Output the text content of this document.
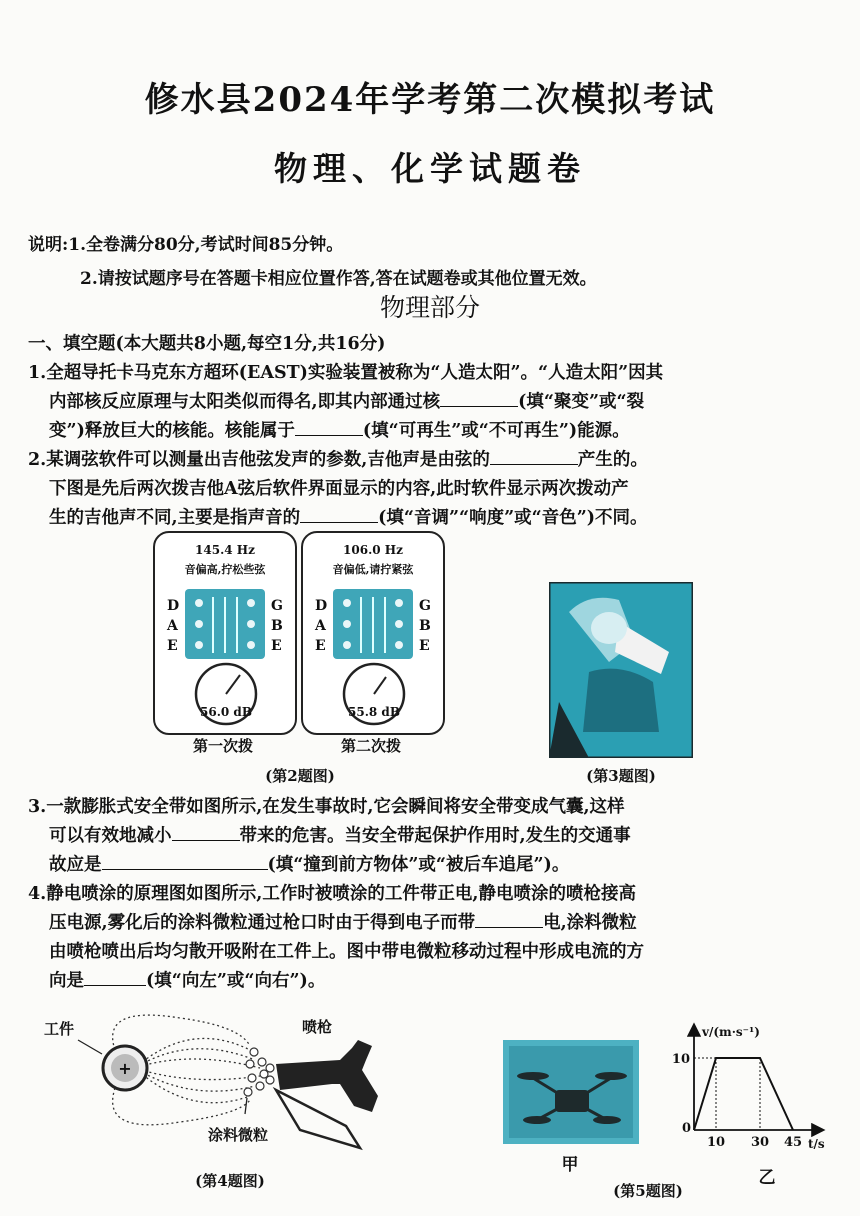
修水县2024年学考第二次模拟考试
物理、化学试题卷
说明:1.全卷满分80分,考试时间85分钟。
2.请按试题序号在答题卡相应位置作答,答在试题卷或其他位置无效。
物理部分

一、填空题(本大题共8小题,每空1分,共16分)

1.全超导托卡马克东方超环(EAST)实验装置被称为“人造太阳”。“人造太阳”因其

内部核反应原理与太阳类似而得名,即其内部通过核	(填“聚变”或“裂

变”)释放巨大的核能。核能属于	(填“可再生”或“不可再生”)能源。

2.某调弦软件可以测量出吉他弦发声的参数,吉他声是由弦的	产生的。

下图是先后两次拨吉他A弦后软件界面显示的内容,此时软件显示两次拨动产

生的吉他声不同,主要是指声音的	(填“音调”“响度”或“音色”)不同。

145.4 Hz
音偏高,拧松些弦
D
A
E
G
B
E
56.0 dB
106.0 Hz
音偏低,请拧紧弦
D
A
E
G
B
E
55.8 dB
第一次拨	第二次拨
(第2题图)	(第3题图)

3.一款膨胀式安全带如图所示,在发生事故时,它会瞬间将安全带变成气囊,这样

可以有效地减小	带来的危害。当安全带起保护作用时,发生的交通事

故应是	(填“撞到前方物体”或“被后车追尾”)。

4.静电喷涂的原理图如图所示,工作时被喷涂的工件带正电,静电喷涂的喷枪接高

压电源,雾化后的涂料微粒通过枪口时由于得到电子而带	电,涂料微粒

由喷枪喷出后均匀散开吸附在工件上。图中带电微粒移动过程中形成电流的方

向是	(填“向左”或“向右”)。

+
工件	喷枪
涂料微粒
(第4题图)
甲
0
10 30 45
10
v/(m·s⁻¹)
t/s
乙
(第5题图)
